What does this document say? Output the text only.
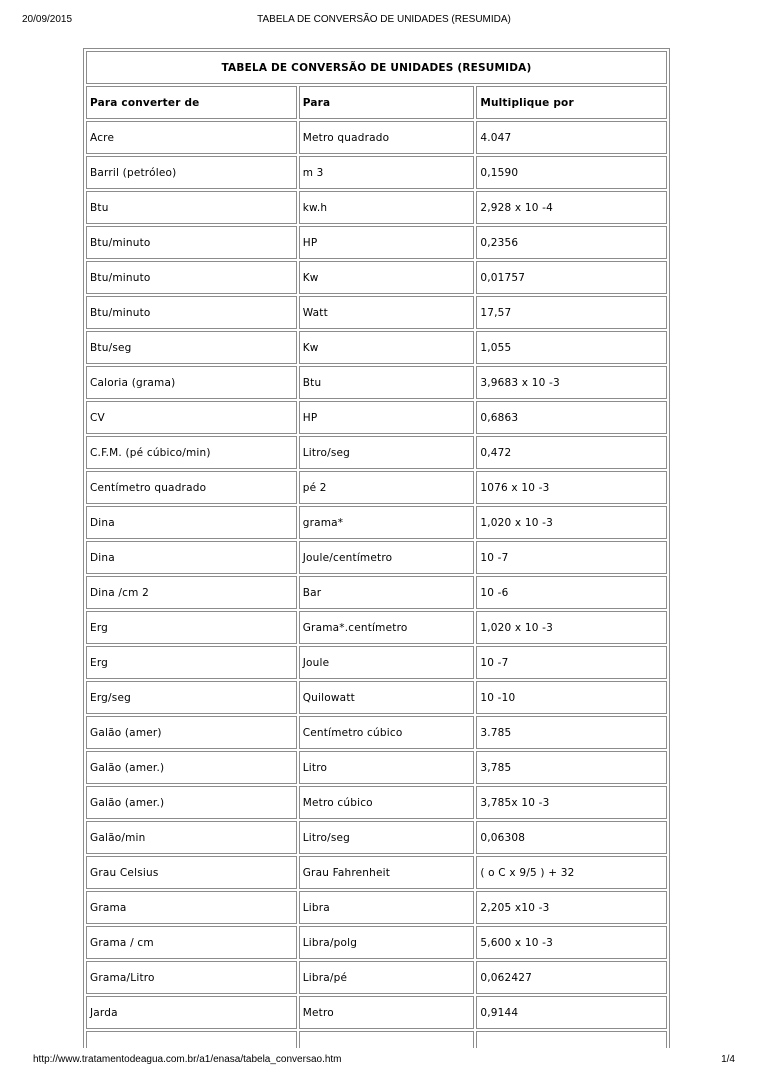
20/09/2015	TABELA DE CONVERSÃO DE UNIDADES (RESUMIDA)
TABELA DE CONVERSÃO DE UNIDADES (RESUMIDA)		
Para converter de	Para	Multiplique por
Acre	Metro quadrado	4.047
Barril (petróleo)	m 3	0,1590
Btu	kw.h	2,928 x 10 -4
Btu/minuto	HP	0,2356
Btu/minuto	Kw	0,01757
Btu/minuto	Watt	17,57
Btu/seg	Kw	1,055
Caloria (grama)	Btu	3,9683 x 10 -3
CV	HP	0,6863
C.F.M. (pé cúbico/min)	Litro/seg	0,472
Centímetro quadrado	pé 2	1076 x 10 -3
Dina	grama*	1,020 x 10 -3
Dina	Joule/centímetro	10 -7
Dina /cm 2	Bar	10 -6
Erg	Grama*.centímetro	1,020 x 10 -3
Erg	Joule	10 -7
Erg/seg	Quilowatt	10 -10
Galão (amer)	Centímetro cúbico	3.785
Galão (amer.)	Litro	3,785
Galão (amer.)	Metro cúbico	3,785x 10 -3
Galão/min	Litro/seg	0,06308
Grau Celsius	Grau Fahrenheit	( o C x 9/5 ) + 32
Grama	Libra	2,205 x10 -3
Grama / cm	Libra/polg	5,600 x 10 -3
Grama/Litro	Libra/pé	0,062427
Jarda	Metro	0,9144

http://www.tratamentodeagua.com.br/a1/enasa/tabela_conversao.htm	1/4
